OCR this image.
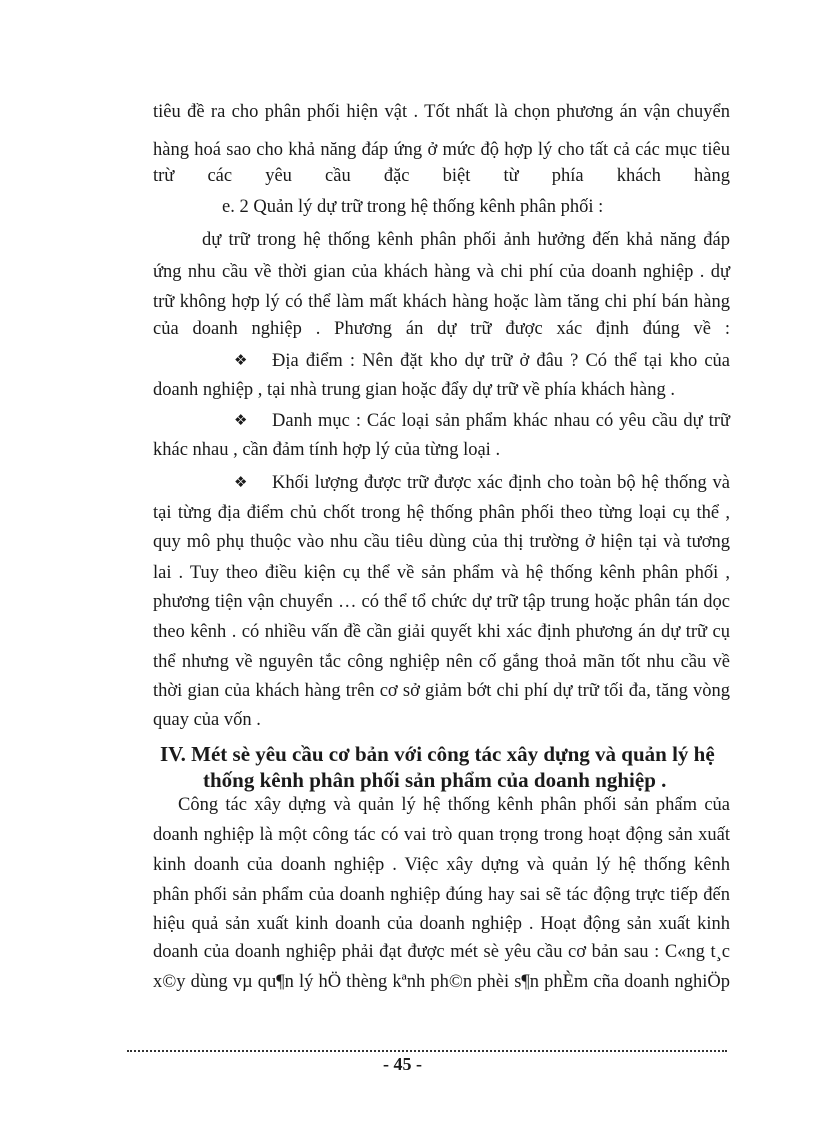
tiêu đề ra cho phân phối hiện vật . Tốt nhất là chọn phương án vận chuyển
hàng hoá sao cho khả năng đáp ứng ở mức độ hợp lý cho tất cả các mục tiêu
trừ các yêu cầu đặc biệt từ phía khách hàng
e. 2 Quản lý dự trữ trong hệ thống kênh phân phối :
dự trữ trong hệ thống kênh phân phối ảnh hưởng đến khả năng đáp
ứng nhu cầu về thời gian của khách hàng và chi phí của doanh nghiệp . dự
trữ không hợp lý có thể làm mất khách hàng hoặc làm tăng chi phí bán hàng
của doanh nghiệp . Phương án dự trữ được xác định đúng về :
❖ Địa điểm : Nên đặt kho dự trữ ở đâu ? Có thể tại kho của
doanh nghiệp , tại nhà trung gian hoặc đẩy dự trữ về phía khách hàng .
❖ Danh mục : Các loại sản phẩm khác nhau có yêu cầu dự trữ
khác nhau , cần đảm tính hợp lý của từng loại .
❖ Khối lượng được trữ được xác định cho toàn bộ hệ thống và
tại từng địa điểm chủ chốt trong hệ thống phân phối theo từng loại cụ thể ,
quy mô phụ thuộc vào nhu cầu tiêu dùng của thị trường ở hiện tại và tương
lai . Tuy theo điều kiện cụ thể về sản phẩm và hệ thống kênh phân phối ,
phương tiện vận chuyển … có thể tổ chức dự trữ tập trung hoặc phân tán dọc
theo kênh . có nhiều vấn đề cần giải quyết khi xác định phương án dự trữ cụ
thể nhưng về nguyên tắc công nghiệp nên cố gắng thoả mãn tốt nhu cầu về
thời gian của khách hàng trên cơ sở giảm bớt chi phí dự trữ tối đa, tăng vòng
quay của vốn .
IV. Mét sè yêu cầu cơ bản với công tác xây dựng và quản lý hệ
thống kênh phân phối sản phẩm của doanh nghiệp .
Công tác xây dựng và quản lý hệ thống kênh phân phối sản phẩm của
doanh nghiệp là một công tác có vai trò quan trọng trong hoạt động sản xuất
kinh doanh của doanh nghiệp . Việc xây dựng và quản lý hệ thống kênh
phân phối sản phẩm của doanh nghiệp đúng hay sai sẽ tác động trực tiếp đến
hiệu quả sản xuất kinh doanh của doanh nghiệp . Hoạt động sản xuất kinh
doanh của doanh nghiệp phải đạt được mét sè yêu cầu cơ bản sau : C«ng t¸c
x©y dùng vµ qu¶n lý hÖ thèng kªnh ph©n phèi s¶n phÈm cña doanh nghiÖp
- 45 -
